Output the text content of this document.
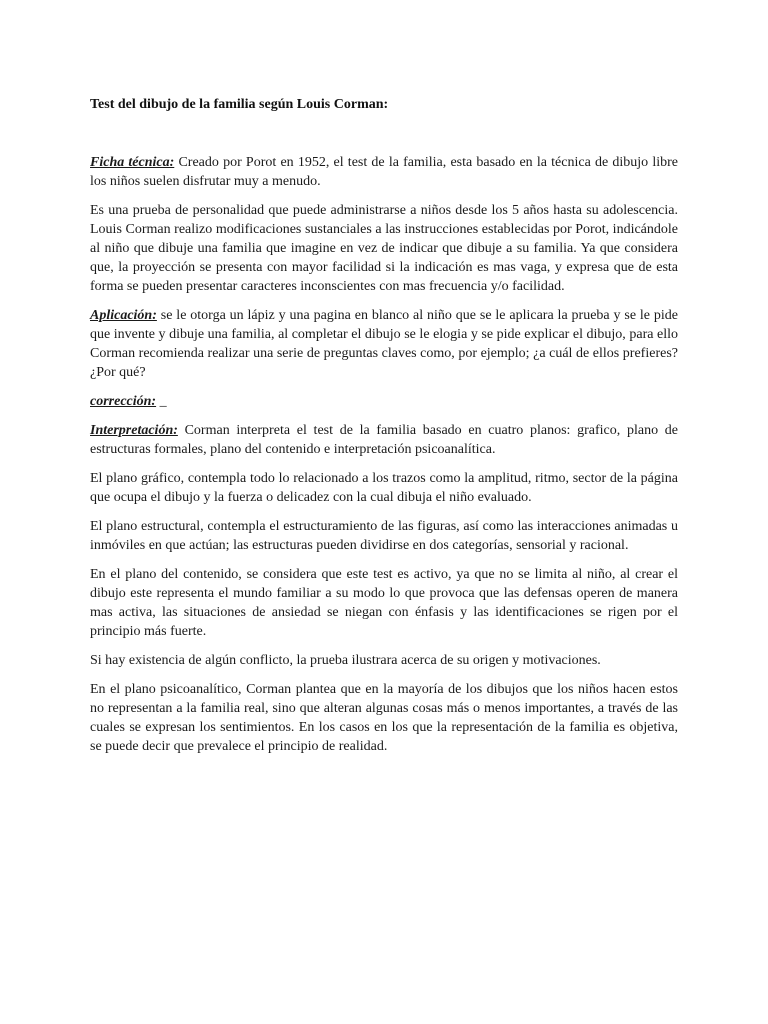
Test del dibujo de la familia según Louis Corman:

Ficha técnica: Creado por Porot en 1952, el test de la familia, esta basado en la técnica de dibujo libre los niños suelen disfrutar muy a menudo.

Es una prueba de personalidad que puede administrarse a niños desde los 5 años hasta su adolescencia. Louis Corman realizo modificaciones sustanciales a las instrucciones establecidas por Porot, indicándole al niño que dibuje una familia que imagine en vez de indicar que dibuje a su familia. Ya que considera que, la proyección se presenta con mayor facilidad si la indicación es mas vaga, y expresa que de esta forma se pueden presentar caracteres inconscientes con mas frecuencia y/o facilidad.

Aplicación: se le otorga un lápiz y una pagina en blanco al niño que se le aplicara la prueba y se le pide que invente y dibuje una familia, al completar el dibujo se le elogia y se pide explicar el dibujo, para ello Corman recomienda realizar una serie de preguntas claves como, por ejemplo; ¿a cuál de ellos prefieres? ¿Por qué?

corrección: _

Interpretación: Corman interpreta el test de la familia basado en cuatro planos: grafico, plano de estructuras formales, plano del contenido e interpretación psicoanalítica.

El plano gráfico, contempla todo lo relacionado a los trazos como la amplitud, ritmo, sector de la página que ocupa el dibujo y la fuerza o delicadez con la cual dibuja el niño evaluado.

El plano estructural, contempla el estructuramiento de las figuras, así como las interacciones animadas u inmóviles en que actúan; las estructuras pueden dividirse en dos categorías, sensorial y racional.

En el plano del contenido, se considera que este test es activo, ya que no se limita al niño, al crear el dibujo este representa el mundo familiar a su modo lo que provoca que las defensas operen de manera mas activa, las situaciones de ansiedad se niegan con énfasis y las identificaciones se rigen por el principio más fuerte.

Si hay existencia de algún conflicto, la prueba ilustrara acerca de su origen y motivaciones.

En el plano psicoanalítico, Corman plantea que en la mayoría de los dibujos que los niños hacen estos no representan a la familia real, sino que alteran algunas cosas más o menos importantes, a través de las cuales se expresan los sentimientos. En los casos en los que la representación de la familia es objetiva, se puede decir que prevalece el principio de realidad.
